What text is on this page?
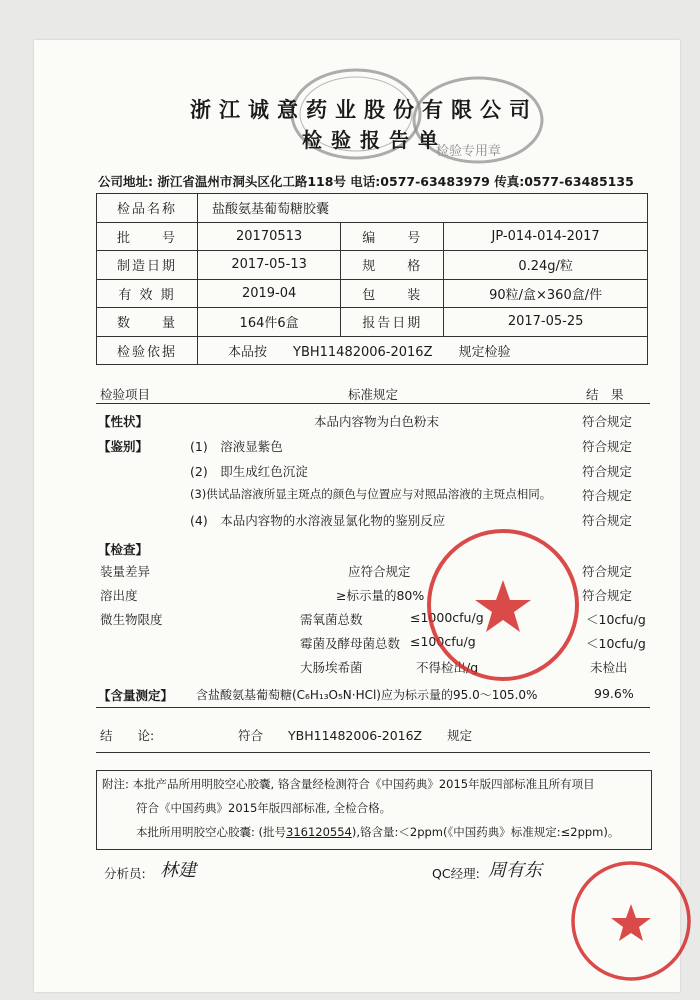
检验专用章
浙江诚意药业股份有限公司
检验报告单
公司地址: 浙江省温州市洞头区化工路118号 电话:0577-63483979 传真:0577-63485135
检品名称	盐酸氨基葡萄糖胶囊		
批　　号	20170513	编　　号	JP-014-014-2017
制造日期	2017-05-13	规　　格	0.24g/粒
有 效 期	2019-04	包　　装	90粒/盒×360盒/件
数　　量	164件6盒	报告日期	2017-05-25
检验依据	本品按　　YBH11482006-2016Z　　规定检验		
检验项目	标准规定	结　果
【性状】	本品内容物为白色粉末	符合规定
【鉴别】	(1)　溶液显紫色	符合规定
(2)　即生成红色沉淀	符合规定
(3)供试品溶液所显主斑点的颜色与位置应与对照品溶液的主斑点相同。 符合规定
(4)　本品内容物的水溶液显氯化物的鉴别反应	符合规定
【检查】
装量差异	应符合规定	符合规定
溶出度	≥标示量的80%	符合规定
微生物限度	需氧菌总数	≤1000cfu/g	＜10cfu/g
霉菌及酵母菌总数 ≤100cfu/g	＜10cfu/g
大肠埃希菌	不得检出/g	未检出
【含量测定】 含盐酸氨基葡萄糖(C₆H₁₃O₅N·HCl)应为标示量的95.0～105.0%	99.6%
结　　论:	符合　　YBH11482006-2016Z　　规定
附注: 本批产品所用明胶空心胶囊, 铬含量经检测符合《中国药典》2015年版四部标准且所有项目
符合《中国药典》2015年版四部标准, 全检合格。
本批所用明胶空心胶囊: (批号316120554),铬含量:＜2ppm(《中国药典》标准规定:≤2ppm)。
分析员: 林建	QC经理: 周有东
